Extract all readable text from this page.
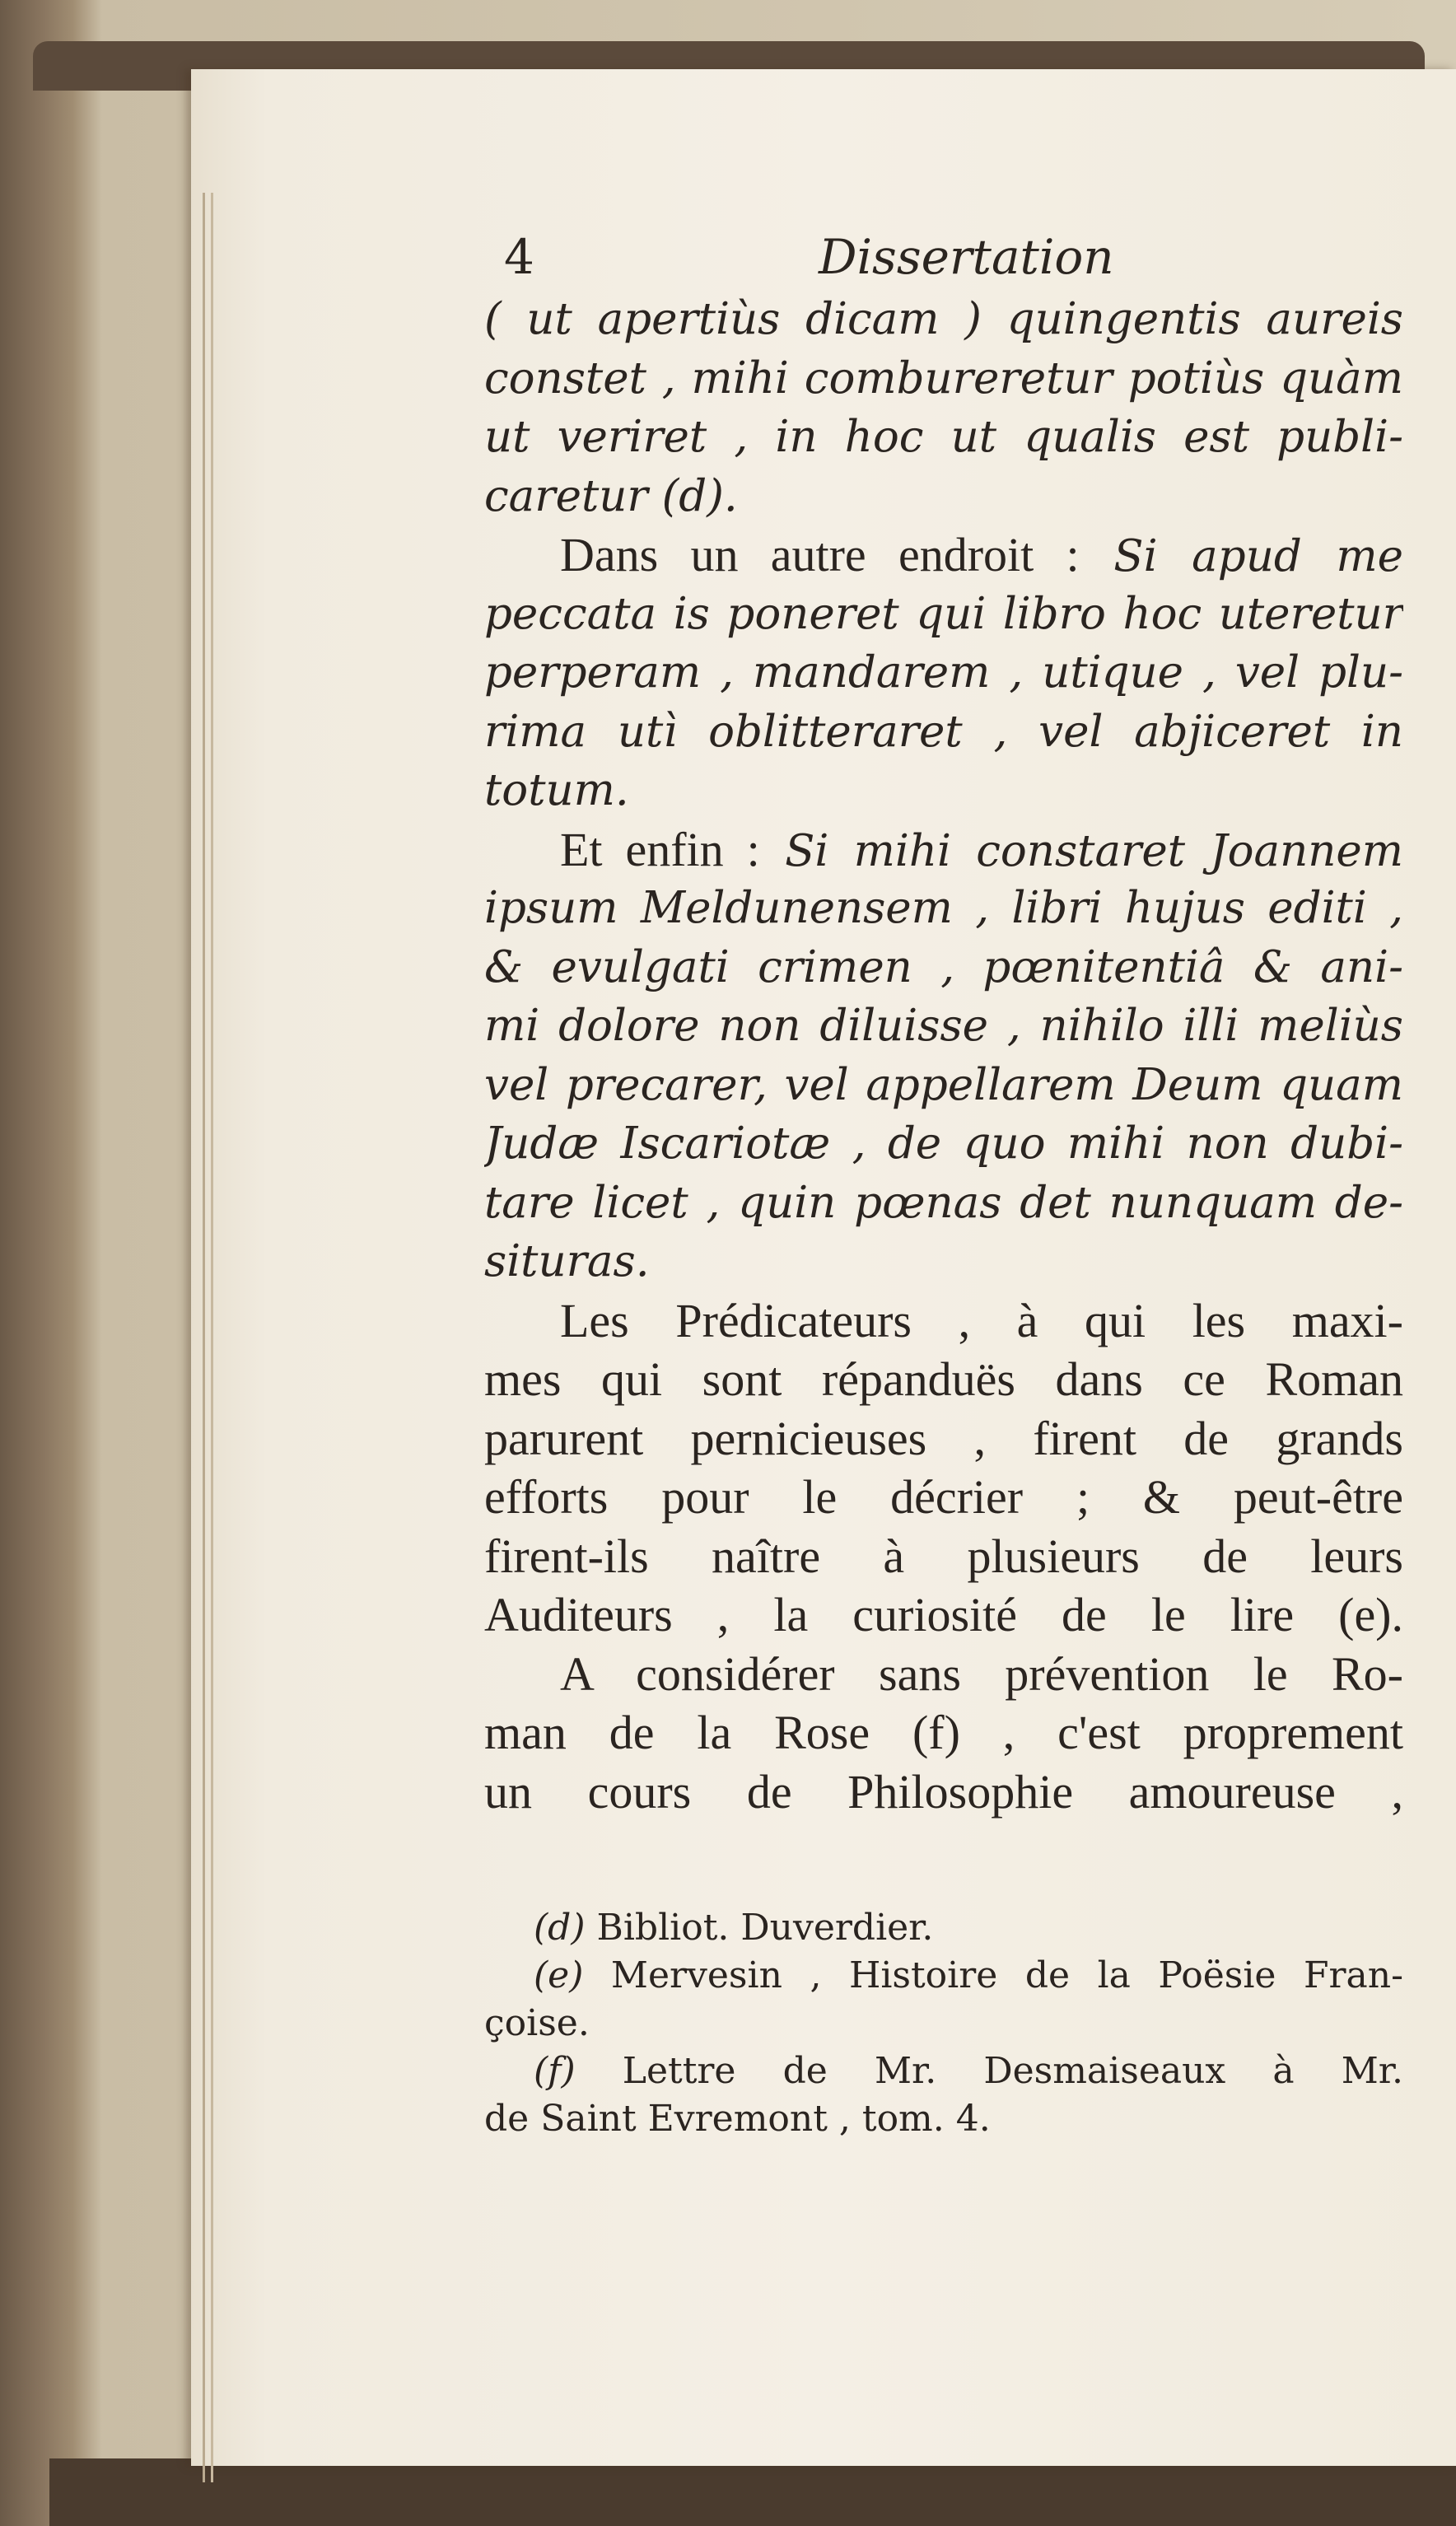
4	Dissertation
( ut apertiùs dicam ) quingentis aureis
constet , mihi combureretur potiùs quàm
ut veriret , in hoc ut qualis est publi-
caretur (d).
Dans un autre endroit : Si apud me
peccata is poneret qui libro hoc uteretur
perperam , mandarem , utique , vel plu-
rima utì oblitteraret , vel abjiceret in
totum.
Et enfin : Si mihi constaret Joannem
ipsum Meldunensem , libri hujus editi ,
& evulgati crimen , pœnitentiâ & ani-
mi dolore non diluisse , nihilo illi meliùs
vel precarer, vel appellarem Deum quam
Judæ Iscariotæ , de quo mihi non dubi-
tare licet , quin pœnas det nunquam de-
situras.
Les Prédicateurs , à qui les maxi-
mes qui sont répanduës dans ce Roman
parurent pernicieuses , firent de grands
efforts pour le décrier ; & peut-être
firent-ils naître à plusieurs de leurs
Auditeurs , la curiosité de le lire (e).
A considérer sans prévention le Ro-
man de la Rose (f) , c'est proprement
un cours de Philosophie amoureuse ,
(d) Bibliot. Duverdier.
(e) Mervesin , Histoire de la Poësie Fran-
çoise.
(f) Lettre de Mr. Desmaiseaux à Mr.
de Saint Evremont , tom. 4.
